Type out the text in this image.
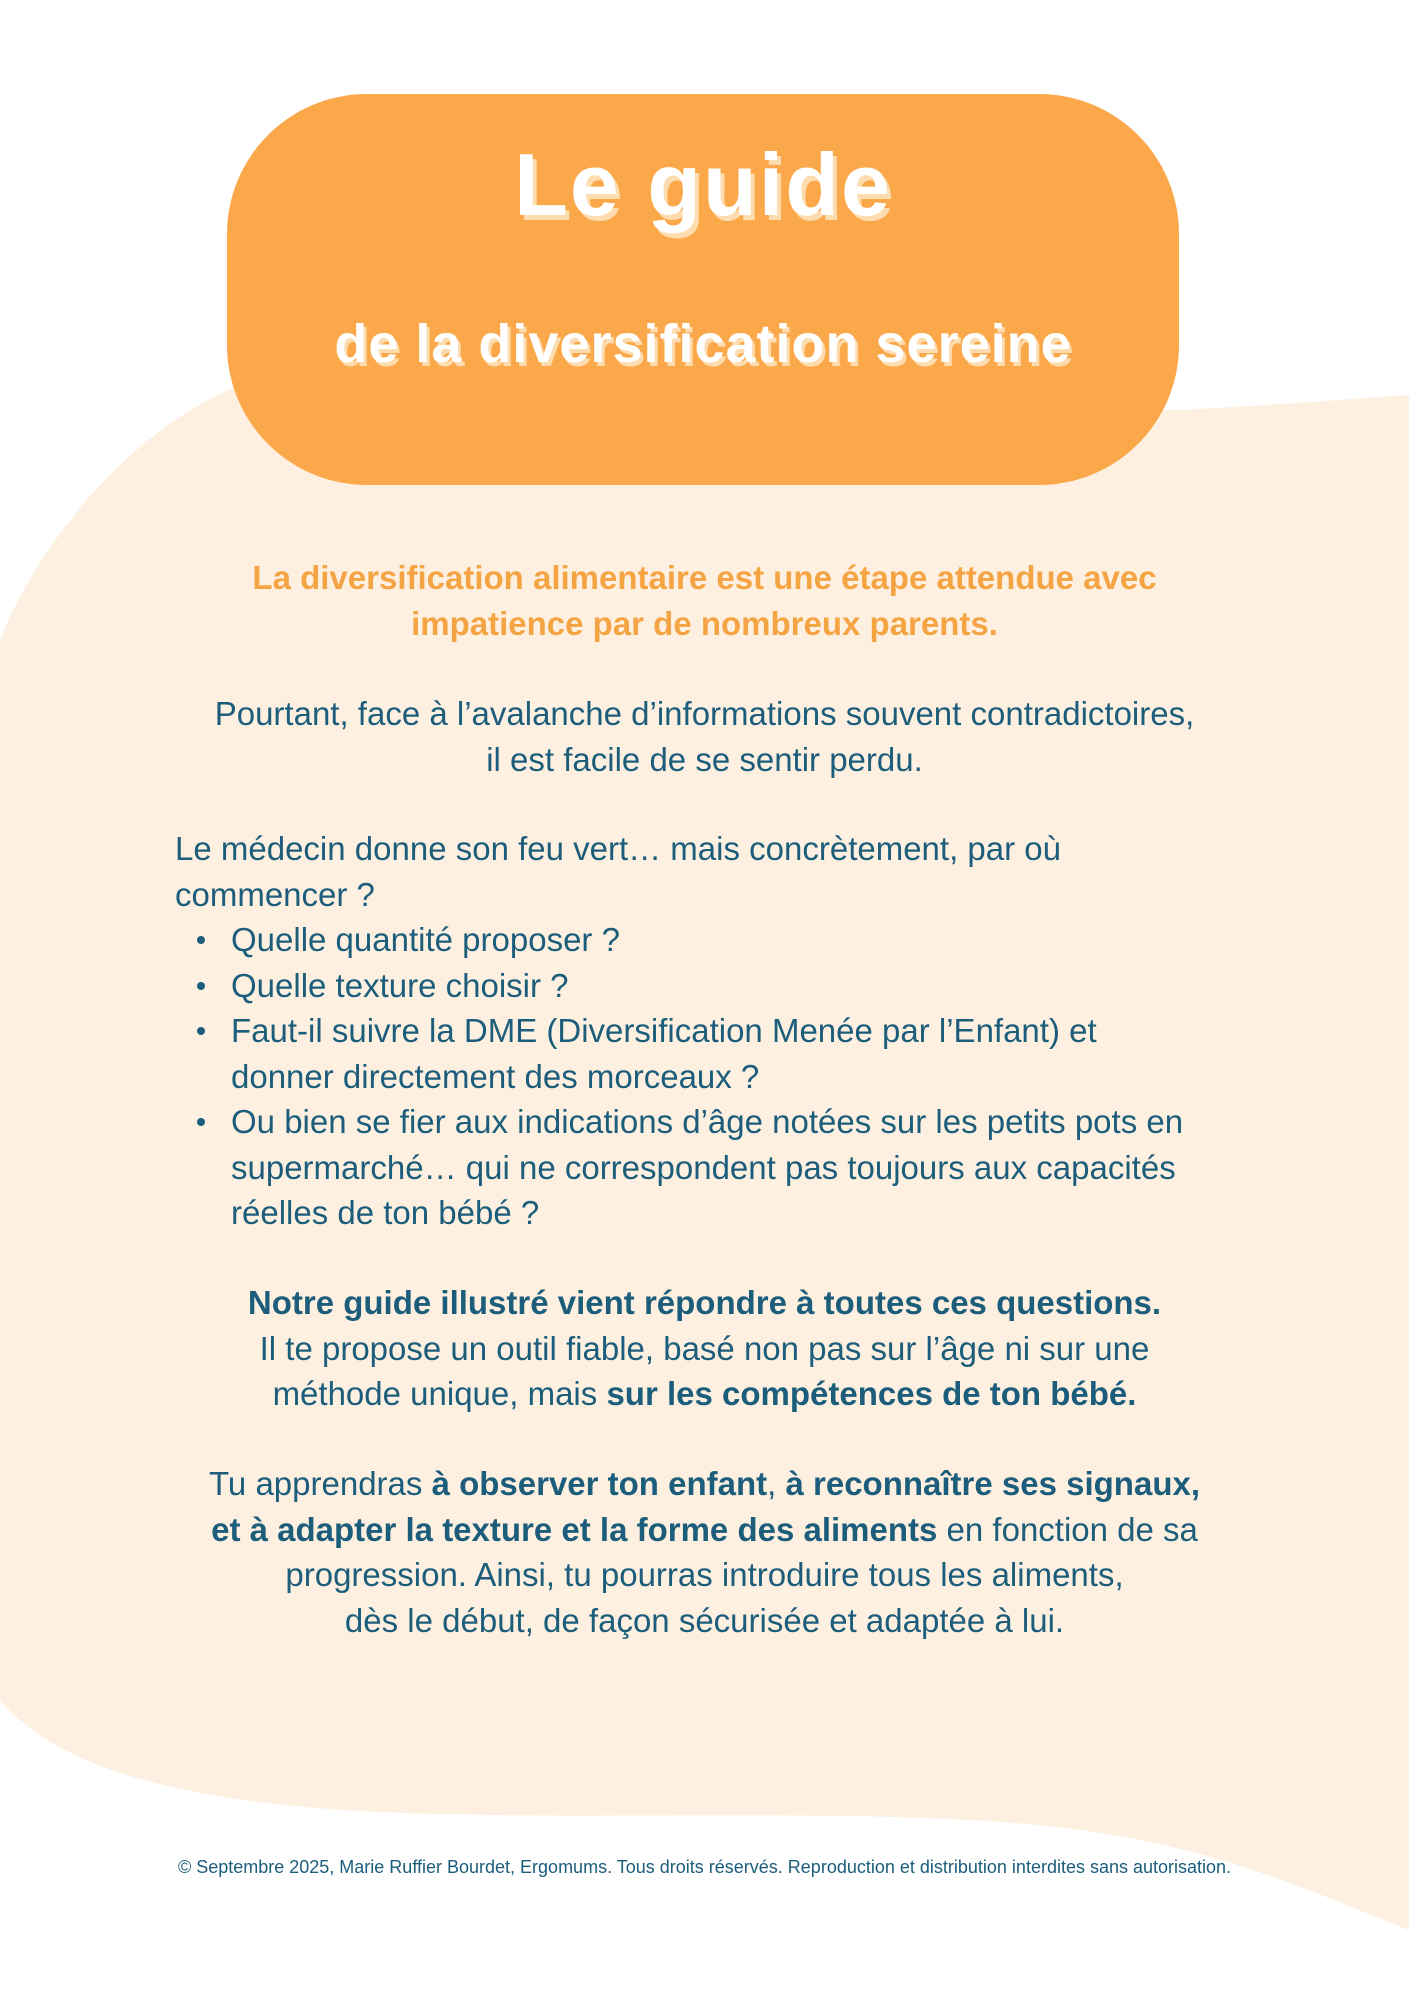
Le guide
de la diversification sereine
La diversification alimentaire est une étape attendue avec
impatience par de nombreux parents.
Pourtant, face à l’avalanche d’informations souvent contradictoires,
il est facile de se sentir perdu.
Le médecin donne son feu vert… mais concrètement, par où
commencer ?
Quelle quantité proposer ?
Quelle texture choisir ?
Faut-il suivre la DME (Diversification Menée par l’Enfant) et
donner directement des morceaux ?
Ou bien se fier aux indications d’âge notées sur les petits pots en
supermarché… qui ne correspondent pas toujours aux capacités
réelles de ton bébé ?
Notre guide illustré vient répondre à toutes ces questions.
Il te propose un outil fiable, basé non pas sur l’âge ni sur une
méthode unique, mais sur les compétences de ton bébé.
Tu apprendras à observer ton enfant, à reconnaître ses signaux,
et à adapter la texture et la forme des aliments en fonction de sa
progression. Ainsi, tu pourras introduire tous les aliments,
dès le début, de façon sécurisée et adaptée à lui.
© Septembre 2025, Marie Ruffier Bourdet, Ergomums. Tous droits réservés. Reproduction et distribution interdites sans autorisation.
